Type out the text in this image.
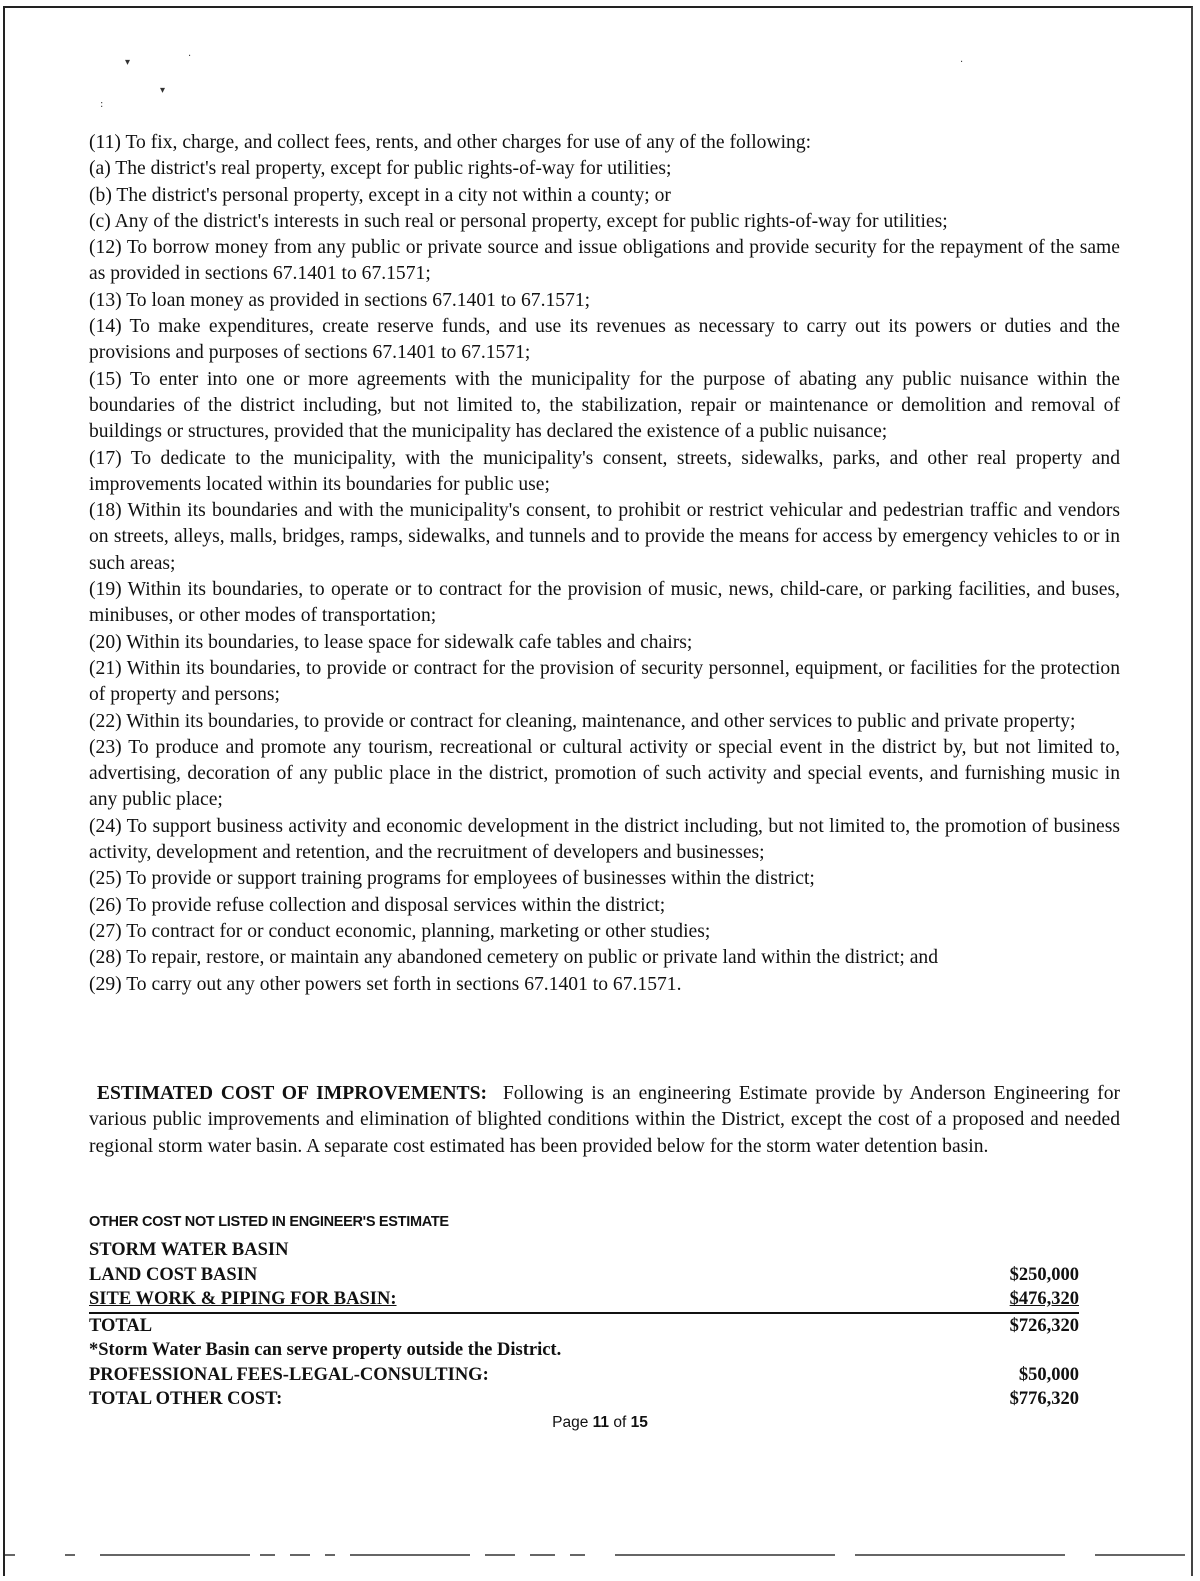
▾
·
▾
:
·

(11) To fix, charge, and collect fees, rents, and other charges for use of any of the following:

(a) The district's real property, except for public rights-of-way for utilities;

(b) The district's personal property, except in a city not within a county; or

(c) Any of the district's interests in such real or personal property, except for public rights-of-way for utilities;

(12) To borrow money from any public or private source and issue obligations and provide security for the repayment of the same as provided in sections 67.1401 to 67.1571;

(13) To loan money as provided in sections 67.1401 to 67.1571;

(14) To make expenditures, create reserve funds, and use its revenues as necessary to carry out its powers or duties and the provisions and purposes of sections 67.1401 to 67.1571;

(15) To enter into one or more agreements with the municipality for the purpose of abating any public nuisance within the boundaries of the district including, but not limited to, the stabilization, repair or maintenance or demolition and removal of buildings or structures, provided that the municipality has declared the existence of a public nuisance;

(17) To dedicate to the municipality, with the municipality's consent, streets, sidewalks, parks, and other real property and improvements located within its boundaries for public use;

(18) Within its boundaries and with the municipality's consent, to prohibit or restrict vehicular and pedestrian traffic and vendors on streets, alleys, malls, bridges, ramps, sidewalks, and tunnels and to provide the means for access by emergency vehicles to or in such areas;

(19) Within its boundaries, to operate or to contract for the provision of music, news, child-care, or parking facilities, and buses, minibuses, or other modes of transportation;

(20) Within its boundaries, to lease space for sidewalk cafe tables and chairs;

(21) Within its boundaries, to provide or contract for the provision of security personnel, equipment, or facilities for the protection of property and persons;

(22) Within its boundaries, to provide or contract for cleaning, maintenance, and other services to public and private property;

(23) To produce and promote any tourism, recreational or cultural activity or special event in the district by, but not limited to, advertising, decoration of any public place in the district, promotion of such activity and special events, and furnishing music in any public place;

(24) To support business activity and economic development in the district including, but not limited to, the promotion of business activity, development and retention, and the recruitment of developers and businesses;

(25) To provide or support training programs for employees of businesses within the district;

(26) To provide refuse collection and disposal services within the district;

(27) To contract for or conduct economic, planning, marketing or other studies;

(28) To repair, restore, or maintain any abandoned cemetery on public or private land within the district; and

(29) To carry out any other powers set forth in sections 67.1401 to 67.1571.

ESTIMATED COST OF IMPROVEMENTS: Following is an engineering Estimate provide by Anderson Engineering for various public improvements and elimination of blighted conditions within the District, except the cost of a proposed and needed regional storm water basin. A separate cost estimated has been provided below for the storm water detention basin.

OTHER COST NOT LISTED IN ENGINEER'S ESTIMATE
STORM WATER BASIN
LAND COST BASIN	$250,000
SITE WORK & PIPING FOR BASIN:	$476,320
TOTAL	$726,320
*Storm Water Basin can serve property outside the District.
PROFESSIONAL FEES-LEGAL-CONSULTING:	$50,000
TOTAL OTHER COST:	$776,320
Page 11 of 15
